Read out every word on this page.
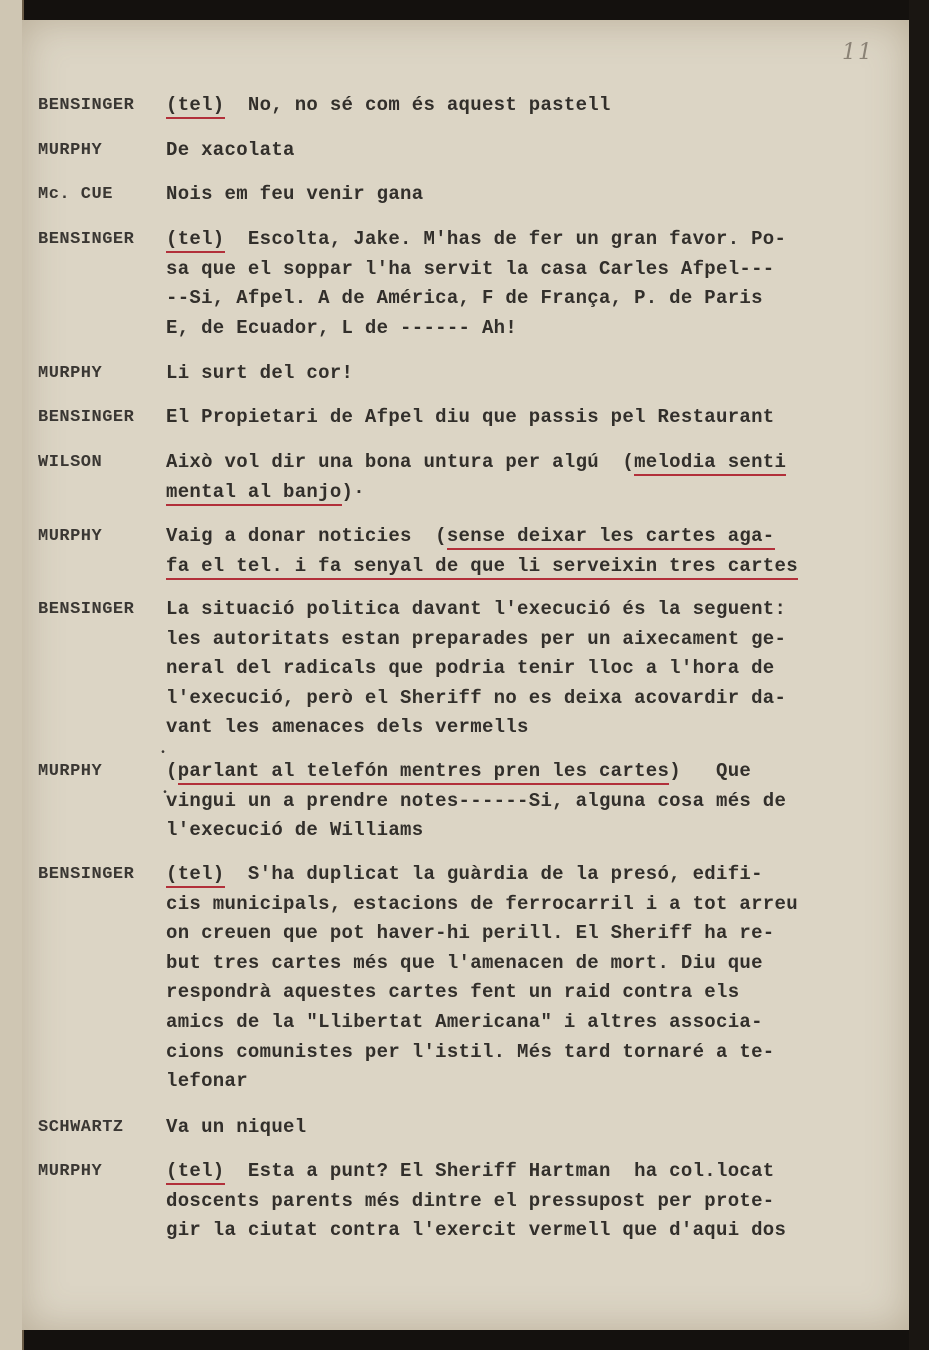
11
•
•
BENSINGER (tel)  No, no sé com és aquest pastell
MURPHY	De xacolata
Mc. CUE	Nois em feu venir gana
BENSINGER (tel)  Escolta, Jake. M'has de fer un gran favor. Po-
sa que el soppar l'ha servit la casa Carles Afpel---
--Si, Afpel. A de América, F de França, P. de Paris
E, de Ecuador, L de ------ Ah!
MURPHY	Li surt del cor!
BENSINGER El Propietari de Afpel diu que passis pel Restaurant
WILSON	Això vol dir una bona untura per algú  (melodia senti
mental al banjo)·
MURPHY	Vaig a donar noticies  (sense deixar les cartes aga-
fa el tel. i fa senyal de que li serveixin tres cartes
BENSINGER La situació politica davant l'execució és la seguent:
les autoritats estan preparades per un aixecament ge-
neral del radicals que podria tenir lloc a l'hora de
l'execució, però el Sheriff no es deixa acovardir da-
vant les amenaces dels vermells
MURPHY	(parlant al telefón mentres pren les cartes)   Que
vingui un a prendre notes------Si, alguna cosa més de
l'execució de Williams
BENSINGER (tel)  S'ha duplicat la guàrdia de la presó, edifi-
cis municipals, estacions de ferrocarril i a tot arreu
on creuen que pot haver-hi perill. El Sheriff ha re-
but tres cartes més que l'amenacen de mort. Diu que
respondrà aquestes cartes fent un raid contra els
amics de la "Llibertat Americana" i altres associa-
cions comunistes per l'istil. Més tard tornaré a te-
lefonar
SCHWARTZ Va un niquel
MURPHY	(tel)  Esta a punt? El Sheriff Hartman  ha col.locat
doscents parents més dintre el pressupost per prote-
gir la ciutat contra l'exercit vermell que d'aqui dos
